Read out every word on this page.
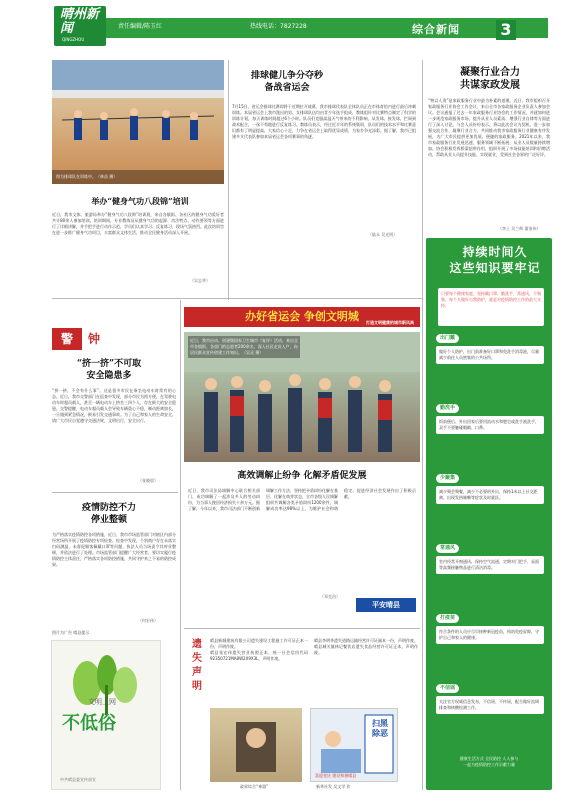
晴州新闻
QINGZHOU
责任编辑/陈玉红	热线电话：7827228	综合新闻	3
图为排球队在训练中。（林苗 摄）
排球健儿争分夺秒
备战省运会
7月15日，省运会排球比赛即将于近期拉开战幕，我市排球代表队全体队员正在市体育馆内进行最后冲刺训练。本届省运会上我市派出的男、女排球队伍均由青少年选手组成，教练组针对比赛特点制定了科学的训练计划，每天训练时间超过6个小时。队员们克服高温天气带来的不利影响，从发球、接发球、拦网到战术配合，一丝不苟地进行反复练习。教练员表示，经过近半年的系统集训，队员们的技术水平和比赛意识都有了明显提高，大家信心十足，力争在省运会上取得优异成绩，为家乡争光添彩。据了解，我市已组建多支代表队参加本届省运会各项赛事的角逐。
（陆永 吴光明）
举办“健身气功八段锦”培训
近日，我市文体、旅游局举办“健身气功八段锦”培训班，来自各镇街、各社区的健身气功爱好者共计80余人参加培训。培训期间，专业教练员从健身气功的起源、功法特点、动作要领等方面进行了详细讲解，并手把手进行动作示范，学员们认真学习、反复练习，现场气氛热烈。此次培训旨在进一步推广健身气功项目，丰富群众文体生活，推动全民健身活动深入开展。
（吴志华）
凝聚行业合力
共谋家政发展
“物以人贵”是家政服务行业中最为朴素的道理。近日，我市组织召开家政服务行业协会工作会议，来自全市各家政服务企业负责人参加会议。会议通报了过去一年家政服务行业协会的工作情况，并就如何进一步规范家政服务市场、提升从业人员素质、增强行业自律等方面进行了深入讨论。与会人员纷纷表示，将以此次会议为契机，进一步加强交流合作，凝聚行业合力，共同推动我市家政服务行业健康有序发展，为广大市民提供更加优质、便捷的家政服务。2021年以来，我市家政服务行业发展迅速，服务领域不断拓展，从业人员数量持续增加。协会积极发挥桥梁纽带作用，组织开展了多场技能培训和招聘活动，帮助从业人员提升技能、实现就业，受到社会各界的广泛好评。
（李土 吴兰辉 董家伟）
办好省运会 争创文明城 打造文明健康的城市新风尚
警	钟
“挤一挤”不可取
安全隐患多
“挤一挤，不会有什么事”。这是很多市民在乘坐电动车时常有的心态。近日，我市交警部门在巡查中发现，部分市民为图方便，在驾驶电动车时超员载人，甚至一辆电动车上挤坐三四个人，存在极大的安全隐患。交警提醒，电动车超员载人会导致车辆重心不稳，制动距离加长，一旦遇到紧急情况，极易引发交通事故。为了自己和家人的生命安全，请广大市民自觉遵守交通法规，文明出行，安全出行。
（张晓晨）
疫情防控不力
停业整顿
为严格落实疫情防控各项措施，近日，我市市场监管部门对辖区内部分经营场所开展了疫情防控专项检查。检查中发现，个别商户存在未落实扫码测温、未督促顾客佩戴口罩等问题，执法人员当场责令其停业整顿，并依法进行了处理。市场监管部门提醒广大经营者，要切实履行疫情防控主体责任，严格落实各项防控措施，共同守护来之不易的防控成果。
（何宏伟）
近日，我市启动、创建暨国家卫生城市（复评）活动，来自全市各镇街、各部门的志愿者200余名，深入社区走访入户，向居民群众宣传创建工作知识。（吴灵 摄）
高效调解止纷争 化解矛盾促发展
近日，我市司法局调解中心联合相关部门，成功调解了一起涉及多人的劳动纠纷，为当事人挽回经济损失十余万元。据了解，今年以来，我市司法部门不断创新调解工作方法，坚持把矛盾纠纷化解在基层、化解在萌芽状态，全市各级人民调解组织共调解各类矛盾纠纷1200余件，调解成功率达98%以上，为维护社会和谐稳定、促进经济社会发展作出了积极贡献。
（邓克昌）
平安晴县
持续时间久
这些知识要牢记
只要每个健康家庭，坚持戴口罩，勤洗手，常通风，不聚集，每个人做好自我防护，就是对疫情防控工作的最大支持。
出门戴
做好个人防护，出门前准备好口罩和免洗手消毒液，尽量减少前往人员密集的公共场所。
勤洗手
饭前便后、外出回家后要用流动水和肥皂或洗手液洗手，双手不要触碰眼睛、口鼻。
少聚集
减少聚会聚餐，减少不必要的外出，保持1米以上社交距离，出现发热咳嗽等症状及时就医。
常通风
室内经常开窗通风，保持空气流通，定期对门把手、桌面等高频接触物品进行清洁消毒。
打疫苗
符合条件的人员应尽早接种新冠疫苗，构筑免疫屏障，守护自己和家人的健康。
不信谣
关注官方权威信息发布，不信谣、不传谣，配合做好流调排查和核酸检测工作。
健康生活方式 全民防控 人人参与
一起为疫情防控工作贡献力量
遗失
声明
晴县新城建筑有限公司遗失建设工程施工许可证正本一份，声明作废。
晴县张宏伟遗失营业执照正本，统一社会信用代码92350721MA8W2X9X3L，声明作废。
晴县李明华遗失道路运输经营许可证副本一份，声明作废。
晴县城关镇林记餐饮店遗失食品经营许可证正本，声明作废。
文明上网
不低俗
中共晴县委宣传部宣
图片为广告 晴县提示
扫黑除恶
喜迎党庆 建设和谐晴县
政界综合“神器”	新华社发 吴文学 作
